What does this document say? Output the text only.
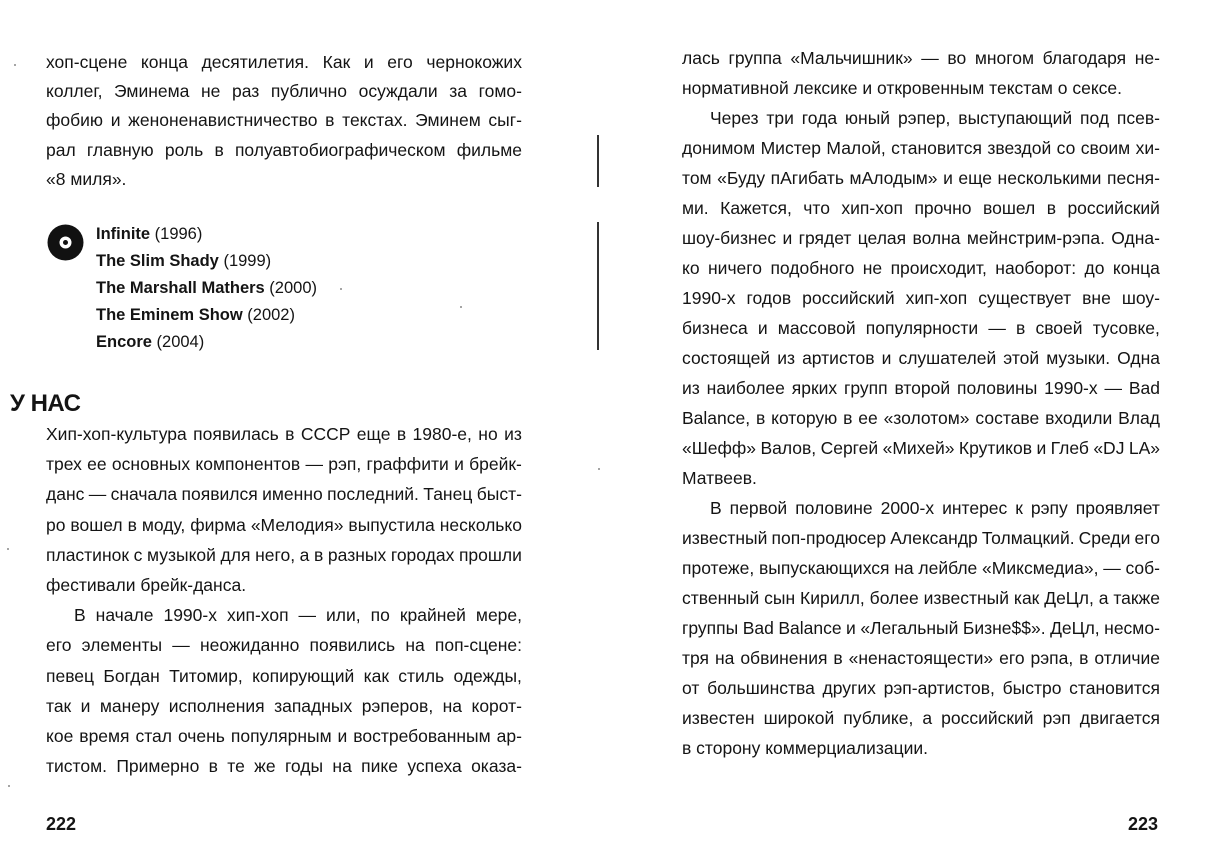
хоп-сцене конца десятилетия. Как и его чернокожих
коллег, Эминема не раз публично осуждали за гомо-
фобию и женоненавистничество в текстах. Эминем сыг-
рал главную роль в полуавтобиографическом фильме
«8 миля».
Infinite (1996)
The Slim Shady (1999)
The Marshall Mathers (2000)
The Eminem Show (2002)
Encore (2004)
У НАС
Хип-хоп-культура появилась в СССР еще в 1980-е, но из
трех ее основных компонентов — рэп, граффити и брейк-
данс — сначала появился именно последний. Танец быст-
ро вошел в моду, фирма «Мелодия» выпустила несколько
пластинок с музыкой для него, а в разных городах прошли
фестивали брейк-данса.
В начале 1990-х хип-хоп — или, по крайней мере,
его элементы — неожиданно появились на поп-сцене:
певец Богдан Титомир, копирующий как стиль одежды,
так и манеру исполнения западных рэперов, на корот-
кое время стал очень популярным и востребованным ар-
тистом. Примерно в те же годы на пике успеха оказа-
222
лась группа «Мальчишник» — во многом благодаря не-
нормативной лексике и откровенным текстам о сексе.
Через три года юный рэпер, выступающий под псев-
донимом Мистер Малой, становится звездой со своим хи-
том «Буду пАгибать мАлодым» и еще несколькими песня-
ми. Кажется, что хип-хоп прочно вошел в российский
шоу-бизнес и грядет целая волна мейнстрим-рэпа. Одна-
ко ничего подобного не происходит, наоборот: до конца
1990-х годов российский хип-хоп существует вне шоу-
бизнеса и массовой популярности — в своей тусовке,
состоящей из артистов и слушателей этой музыки. Одна
из наиболее ярких групп второй половины 1990-х — Bad
Balance, в которую в ее «золотом» составе входили Влад
«Шефф» Валов, Сергей «Михей» Крутиков и Глеб «DJ LA»
Матвеев.
В первой половине 2000-х интерес к рэпу проявляет
известный поп-продюсер Александр Толмацкий. Среди его
протеже, выпускающихся на лейбле «Миксмедиа», — соб-
ственный сын Кирилл, более известный как ДеЦл, а также
группы Bad Balance и «Легальный Бизне$$». ДеЦл, несмо-
тря на обвинения в «ненастоящести» его рэпа, в отличие
от большинства других рэп-артистов, быстро становится
известен широкой публике, а российский рэп двигается
в сторону коммерциализации.
223
